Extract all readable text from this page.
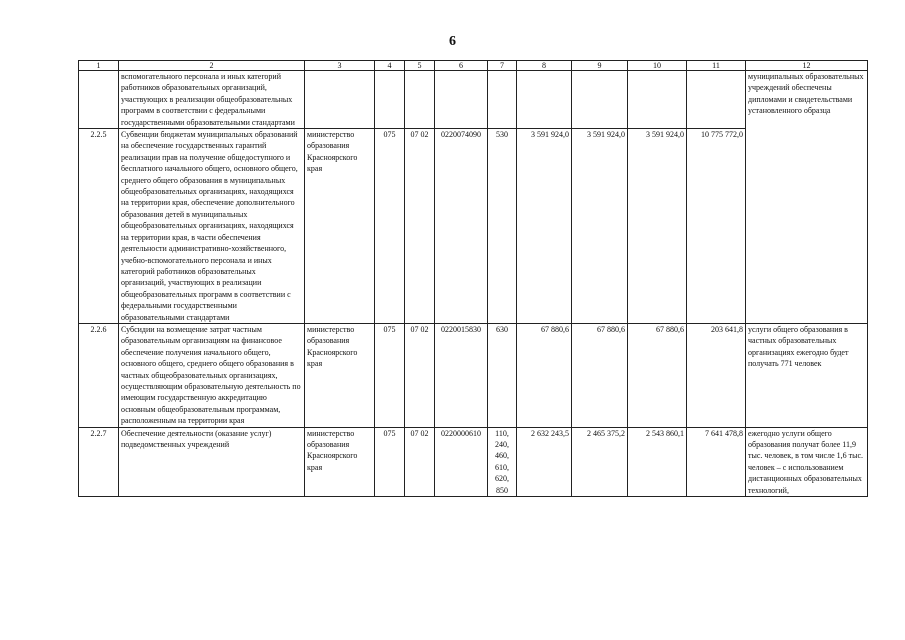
6
1	2	3	4	5	6	7	8	9	10	11	12
	вспомогательного персонала и иных категорий работников образовательных организаций, участвующих в реализации общеобразовательных программ в соответствии с федеральными государственными образовательными стандартами										муниципальных образовательных учреждений обеспечены дипломами и свидетельствами установленного образца
2.2.5	Субвенции бюджетам муниципальных образований на обеспечение государственных гарантий реализации прав на получение общедоступного и бесплатного начального общего, основного общего, среднего общего образования в муниципальных общеобразовательных организациях, находящихся на территории края, обеспечение дополнительного образования детей в муниципальных общеобразовательных организациях, находящихся на территории края, в части обеспечения деятельности административно-хозяйственного, учебно-вспомогательного персонала и иных категорий работников образовательных организаций, участвующих в реализации общеобразовательных программ в соответствии с федеральными государственными образовательными стандартами	министерство образования Красноярского края	075	07 02	0220074090	530	3 591 924,0	3 591 924,0	3 591 924,0	10 775 772,0	
2.2.6	Субсидии на возмещение затрат частным образовательным организациям на финансовое обеспечение получения начального общего, основного общего, среднего общего образования в частных общеобразовательных организациях, осуществляющим образовательную деятельность по имеющим государственную аккредитацию основным общеобразовательным программам, расположенным на территории края	министерство образования Красноярского края	075	07 02	0220015830	630	67 880,6	67 880,6	67 880,6	203 641,8	услуги общего образования в частных образовательных организациях ежегодно будет получать 771 человек
2.2.7	Обеспечение деятельности (оказание услуг) подведомственных учреждений	министерство образования Красноярского края	075	07 02	0220000610	110, 240, 460, 610, 620, 850	2 632 243,5	2 465 375,2	2 543 860,1	7 641 478,8	ежегодно услуги общего образования получат более 11,9 тыс. человек, в том числе 1,6 тыс. человек – с использованием дистанционных образовательных технологий,
